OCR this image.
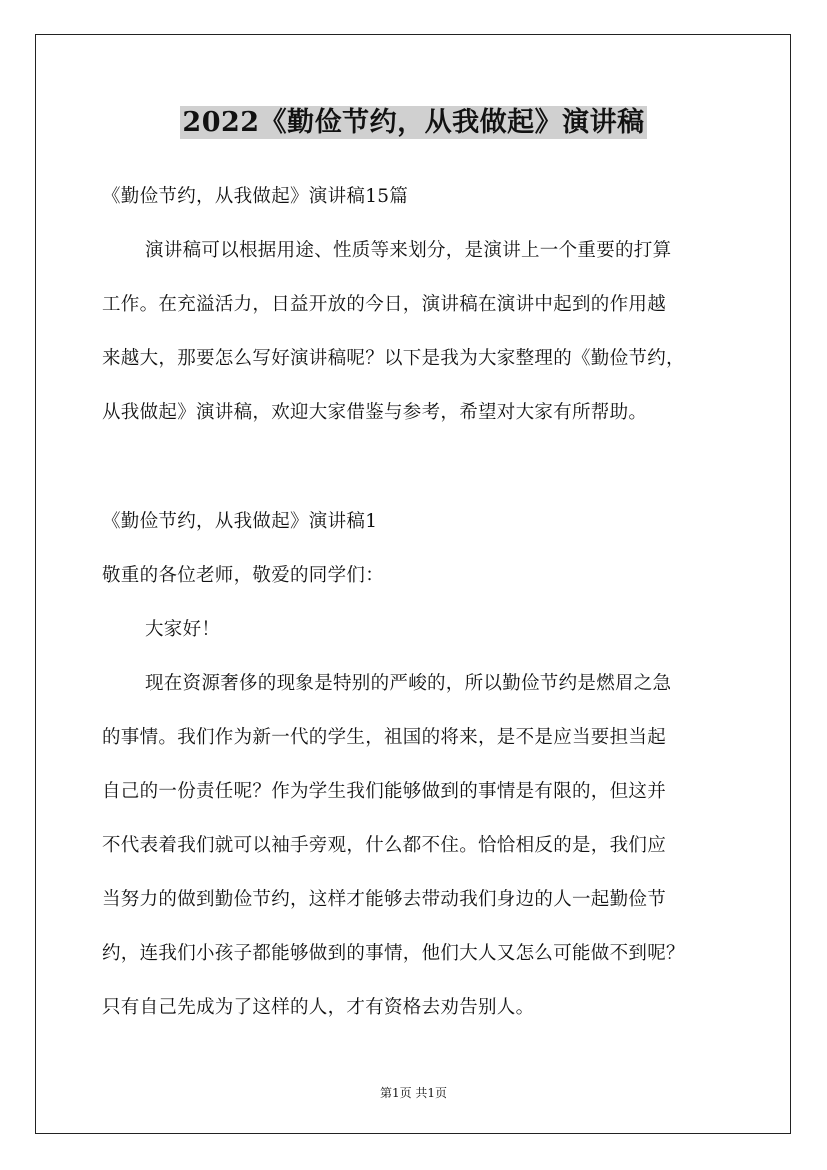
2022《勤俭节约，从我做起》演讲稿
《勤俭节约，从我做起》演讲稿15篇
演讲稿可以根据用途、性质等来划分，是演讲上一个重要的打算
工作。在充溢活力，日益开放的今日，演讲稿在演讲中起到的作用越
来越大，那要怎么写好演讲稿呢？以下是我为大家整理的《勤俭节约，
从我做起》演讲稿，欢迎大家借鉴与参考，希望对大家有所帮助。
《勤俭节约，从我做起》演讲稿1
敬重的各位老师，敬爱的同学们：
大家好！
现在资源奢侈的现象是特别的严峻的，所以勤俭节约是燃眉之急
的事情。我们作为新一代的学生，祖国的将来，是不是应当要担当起
自己的一份责任呢？作为学生我们能够做到的事情是有限的，但这并
不代表着我们就可以袖手旁观，什么都不住。恰恰相反的是，我们应
当努力的做到勤俭节约，这样才能够去带动我们身边的人一起勤俭节
约，连我们小孩子都能够做到的事情，他们大人又怎么可能做不到呢？
只有自己先成为了这样的人，才有资格去劝告别人。
第1页 共1页
